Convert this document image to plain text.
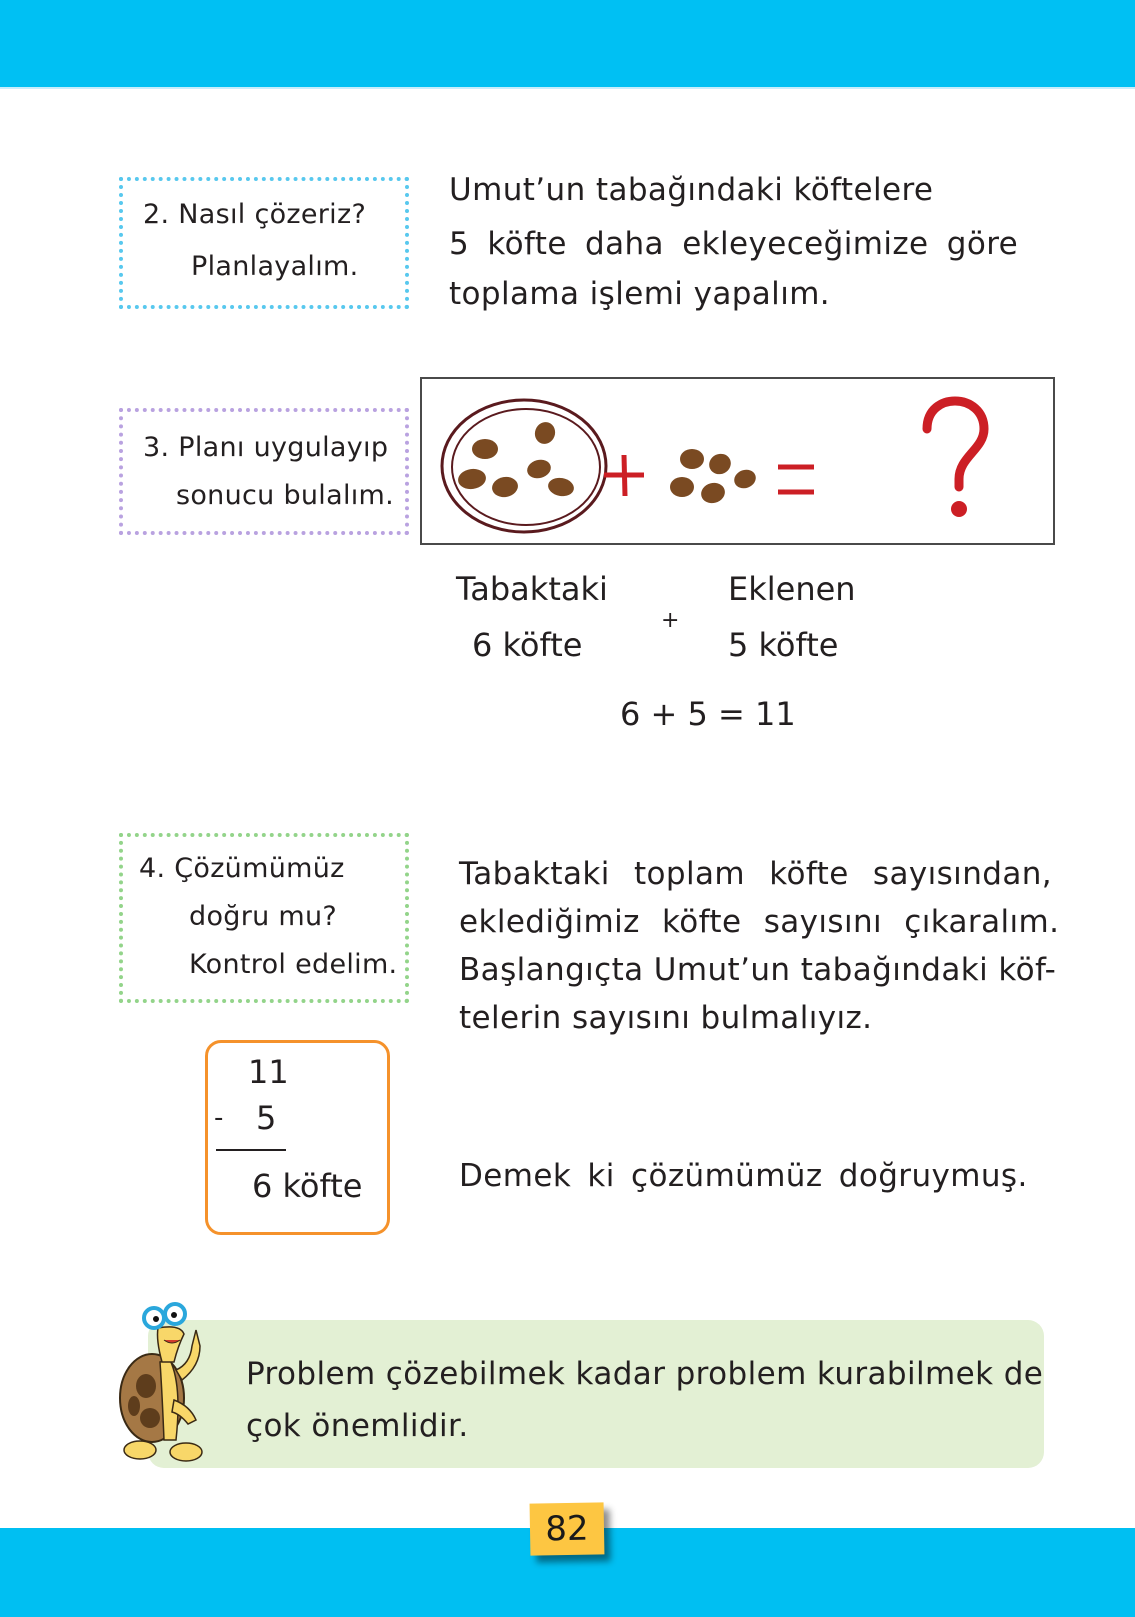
2. Nasıl çözeriz?
Planlayalım.
Umut’un tabağındaki köftelere
5 köfte daha ekleyeceğimize göre
toplama işlemi yapalım.
3. Planı uygulayıp
sonucu bulalım.
Tabaktaki
6 köfte
+
Eklenen
5 köfte
6 + 5 = 11
4. Çözümümüz
doğru mu?
Kontrol edelim.
Tabaktaki toplam köfte sayısından,
eklediğimiz köfte sayısını çıkaralım.
Başlangıçta Umut’un tabağındaki köf-
telerin sayısını bulmalıyız.
11
- 5
6 köfte	Demek ki çözümümüz doğruymuş.
Problem çözebilmek kadar problem kurabilmek de
çok önemlidir.
82
